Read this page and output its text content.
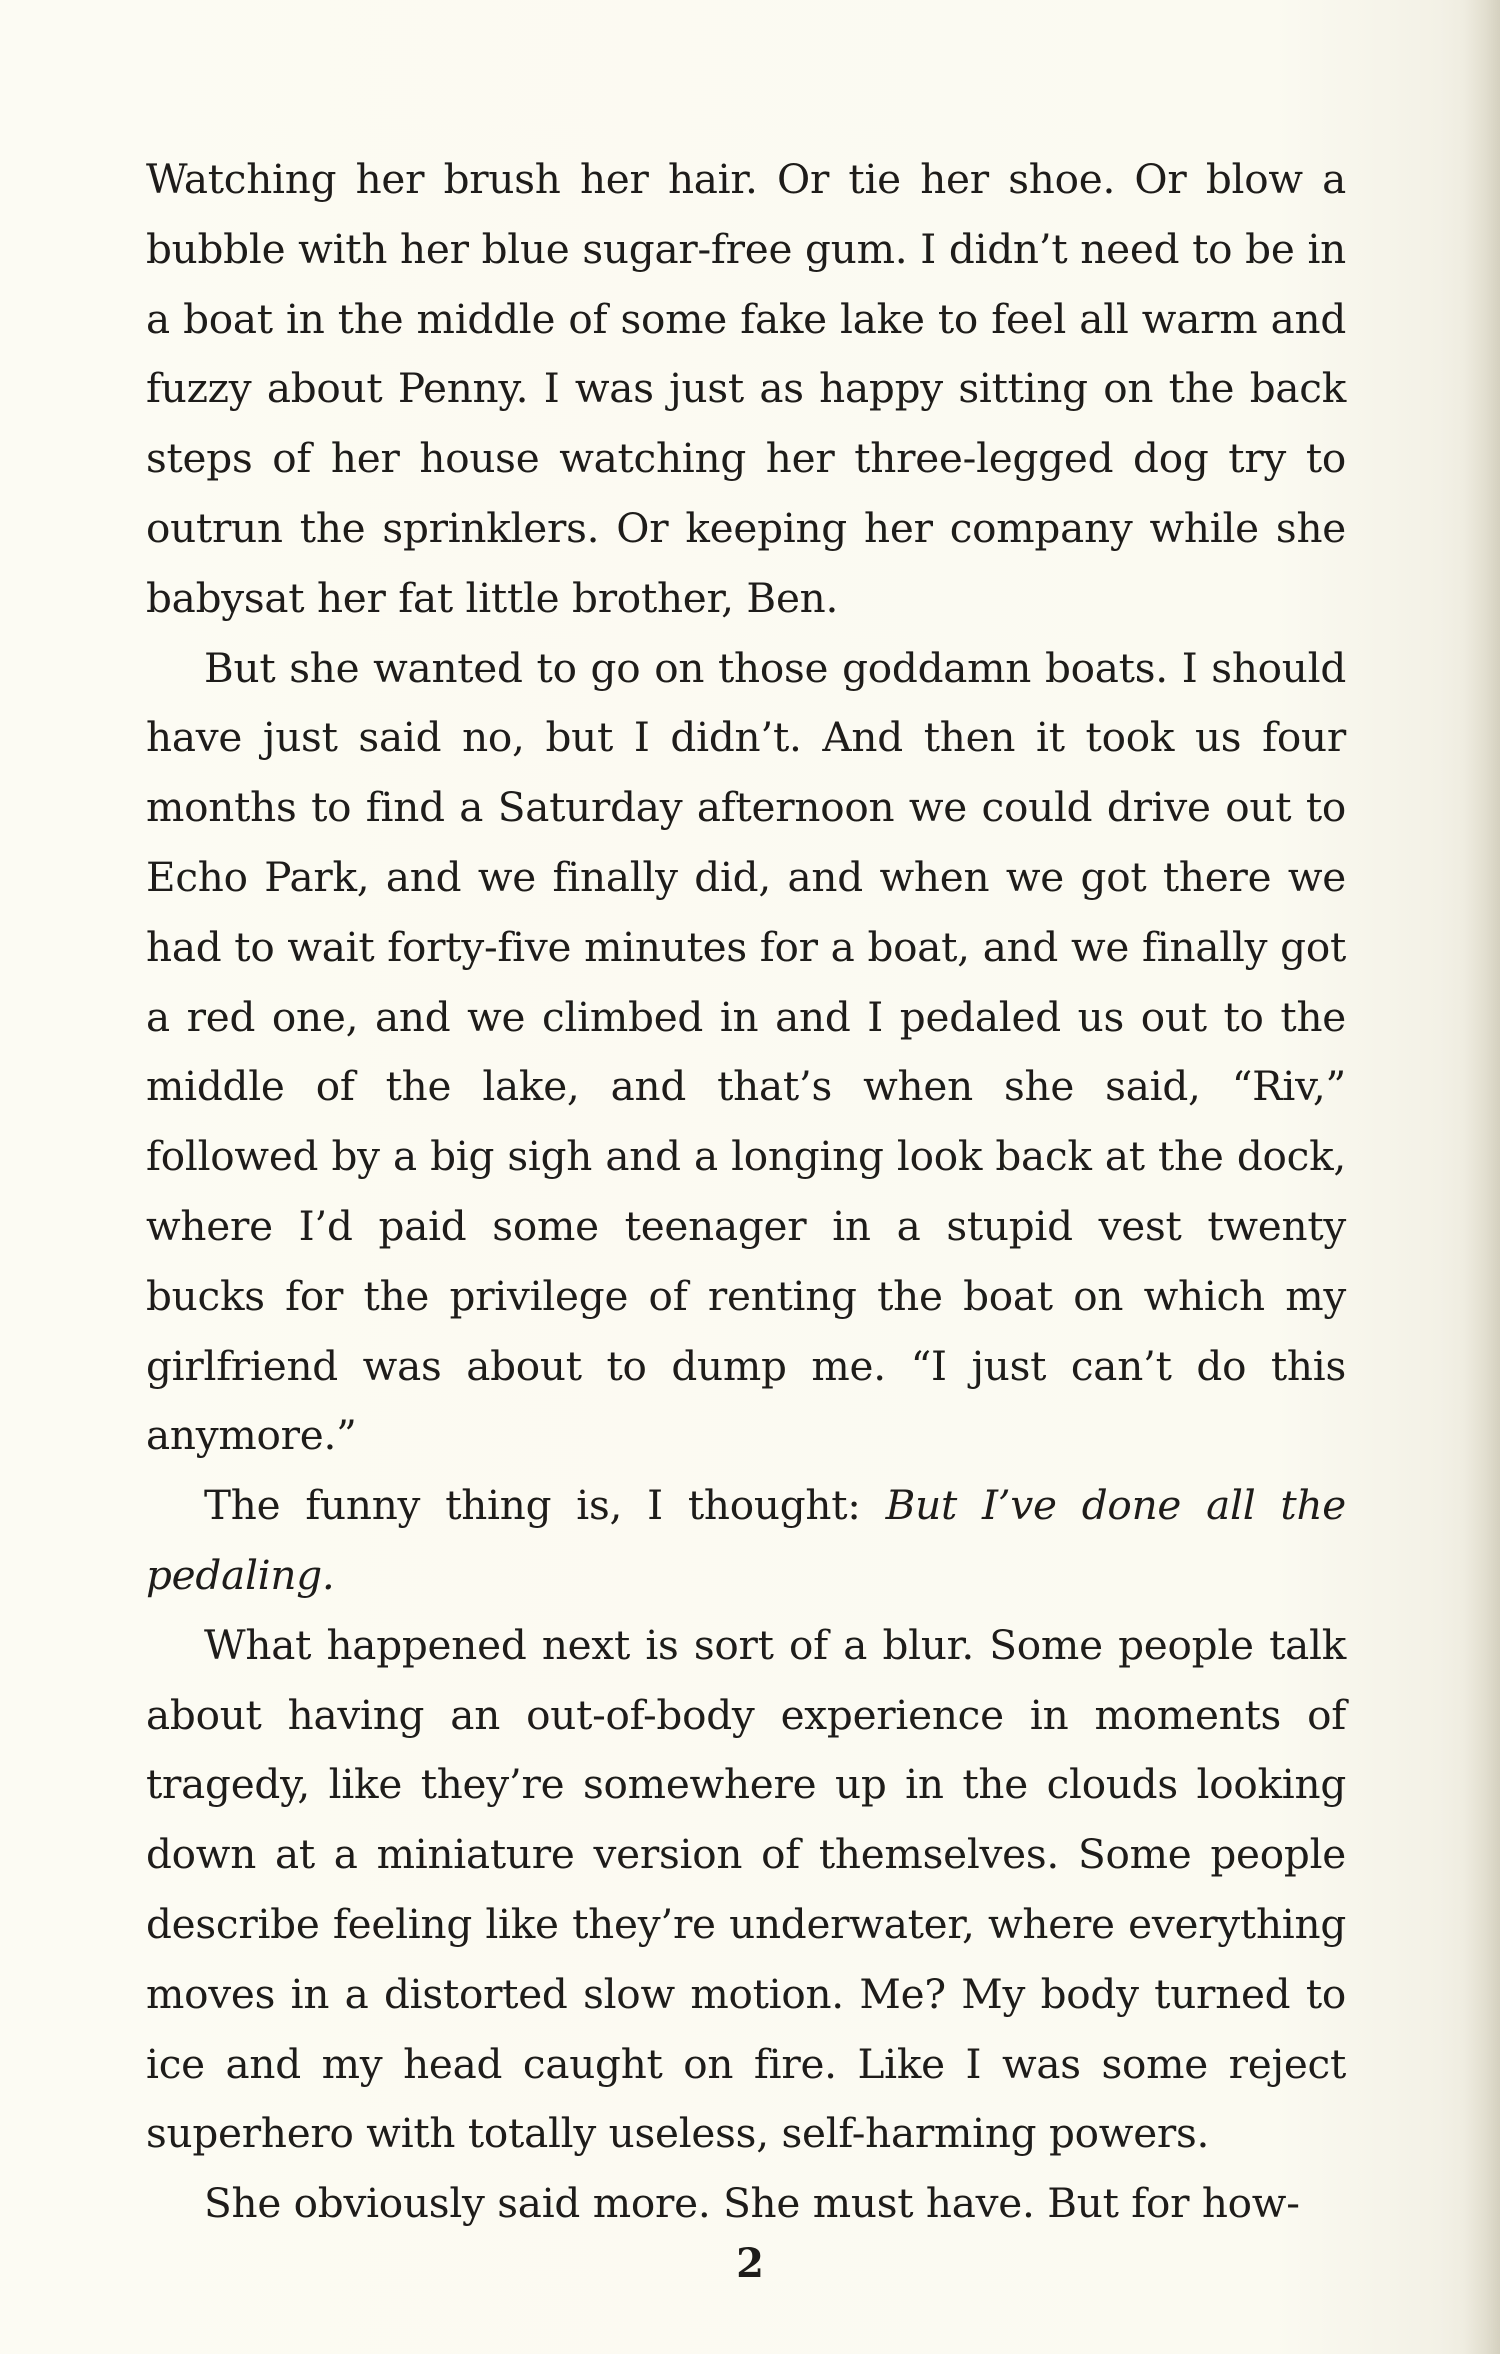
Watching her brush her hair. Or tie her shoe. Or blow a bubble with her blue sugar-free gum. I didn’t need to be in a boat in the middle of some fake lake to feel all warm and fuzzy about Penny. I was just as happy sitting on the back steps of her house watching her three-legged dog try to outrun the sprinklers. Or keeping her company while she babysat her fat little brother, Ben.

But she wanted to go on those goddamn boats. I should have just said no, but I didn’t. And then it took us four months to find a Saturday afternoon we could drive out to Echo Park, and we finally did, and when we got there we had to wait forty-five minutes for a boat, and we finally got a red one, and we climbed in and I pedaled us out to the middle of the lake, and that’s when she said, “Riv,” followed by a big sigh and a longing look back at the dock, where I’d paid some teenager in a stupid vest twenty bucks for the privilege of renting the boat on which my girlfriend was about to dump me. “I just can’t do this anymore.”

The funny thing is, I thought: But I’ve done all the pedaling.

What happened next is sort of a blur. Some people talk about having an out-of-body experience in moments of tragedy, like they’re somewhere up in the clouds looking down at a miniature version of themselves. Some people describe feeling like they’re underwater, where everything moves in a distorted slow motion. Me? My body turned to ice and my head caught on fire. Like I was some reject superhero with totally useless, self-harming powers.

She obviously said more. She must have. But for how-

2
